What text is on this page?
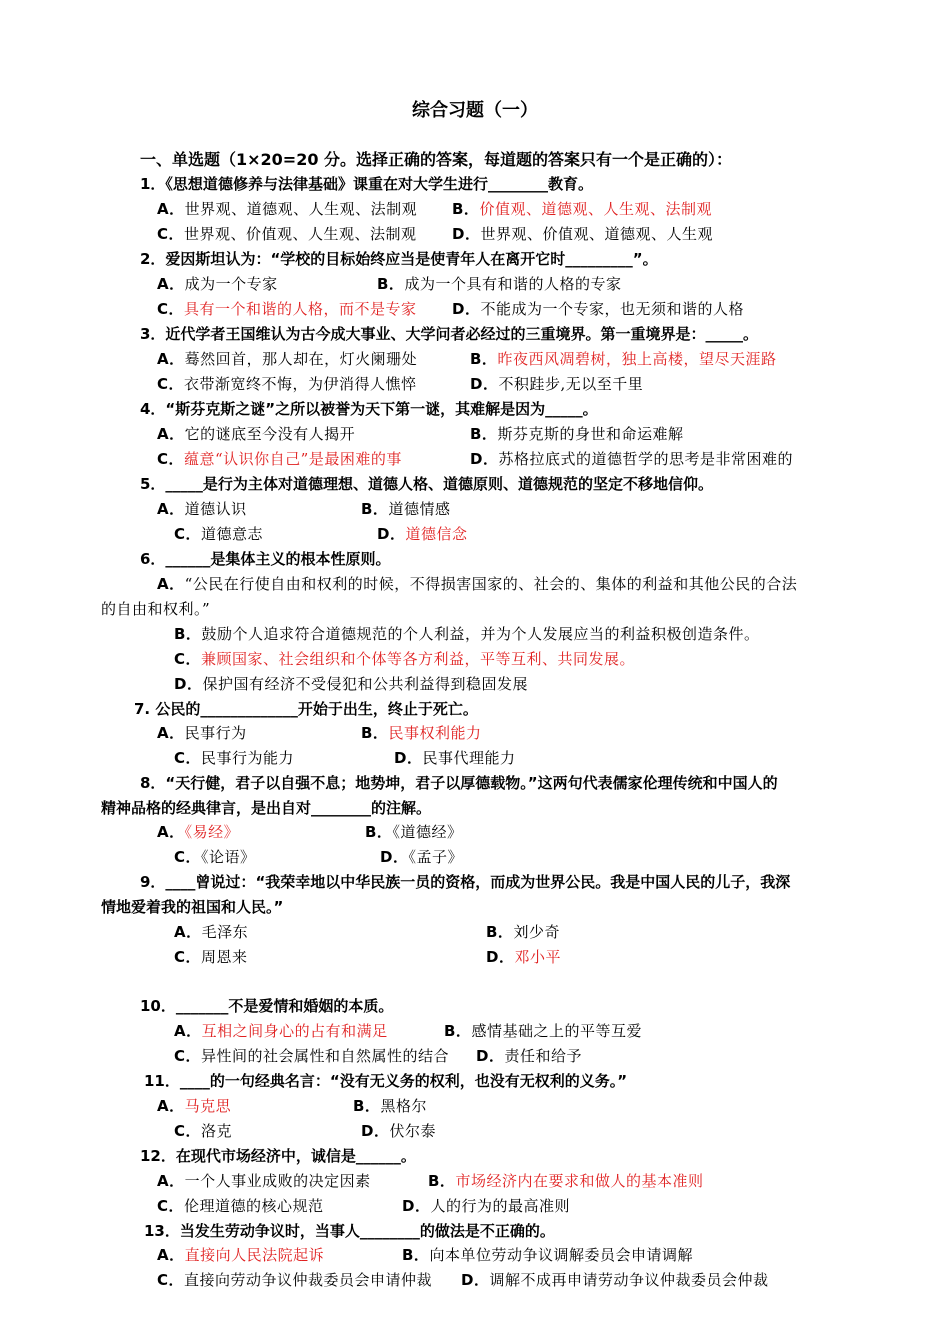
综合习题（一）
一、单选题（1×20=20 分。选择正确的答案，每道题的答案只有一个是正确的）：
1．《思想道德修养与法律基础》课重在对大学生进行________教育。
A．世界观、道德观、人生观、法制观 B．价值观、道德观、人生观、法制观
C．世界观、价值观、人生观、法制观 D．世界观、价值观、道德观、人生观
2．爱因斯坦认为：“学校的目标始终应当是使青年人在离开它时_________”。
A．成为一个专家	B．成为一个具有和谐的人格的专家
C．具有一个和谐的人格，而不是专家 D．不能成为一个专家，也无须和谐的人格
3．近代学者王国维认为古今成大事业、大学问者必经过的三重境界。第一重境界是：_____。
A．蓦然回首，那人却在，灯火阑珊处	B．昨夜西风凋碧树，独上高楼，望尽天涯路
C．衣带渐宽终不悔，为伊消得人憔悴	D．不积跬步,无以至千里
4．“斯芬克斯之谜”之所以被誉为天下第一谜，其难解是因为_____。
A．它的谜底至今没有人揭开	B．斯芬克斯的身世和命运难解
C．蕴意“认识你自己”是最困难的事	D．苏格拉底式的道德哲学的思考是非常困难的
5．_____是行为主体对道德理想、道德人格、道德原则、道德规范的坚定不移地信仰。
A．道德认识	B．道德情感
C．道德意志	D．道德信念
6．______是集体主义的根本性原则。
A．“公民在行使自由和权利的时候，不得损害国家的、社会的、集体的利益和其他公民的合法
的自由和权利。”
B．鼓励个人追求符合道德规范的个人利益，并为个人发展应当的利益积极创造条件。
C．兼顾国家、社会组织和个体等各方利益，平等互利、共同发展。
D．保护国有经济不受侵犯和公共利益得到稳固发展
7. 公民的_____________开始于出生，终止于死亡。
A．民事行为	B．民事权利能力
C．民事行为能力	D．民事代理能力
8．“天行健，君子以自强不息；地势坤，君子以厚德载物。”这两句代表儒家伦理传统和中国人的
精神品格的经典律言，是出自对________的注解。
A．《易经》	B．《道德经》
C．《论语》	D．《孟子》
9．____曾说过：“我荣幸地以中华民族一员的资格，而成为世界公民。我是中国人民的儿子，我深
情地爱着我的祖国和人民。”
A．毛泽东	B．刘少奇
C．周恩来	D．邓小平
10．_______不是爱情和婚姻的本质。
A．互相之间身心的占有和满足	B．感情基础之上的平等互爱
C．异性间的社会属性和自然属性的结合 D．责任和给予
11．____的一句经典名言：“没有无义务的权利，也没有无权利的义务。”
A．马克思	B．黑格尔
C．洛克	D．伏尔泰
12．在现代市场经济中，诚信是______。
A．一个人事业成败的决定因素	B．市场经济内在要求和做人的基本准则
C．伦理道德的核心规范	D．人的行为的最高准则
13．当发生劳动争议时，当事人________的做法是不正确的。
A．直接向人民法院起诉	B．向本单位劳动争议调解委员会申请调解
C．直接向劳动争议仲裁委员会申请仲裁 D．调解不成再申请劳动争议仲裁委员会仲裁
